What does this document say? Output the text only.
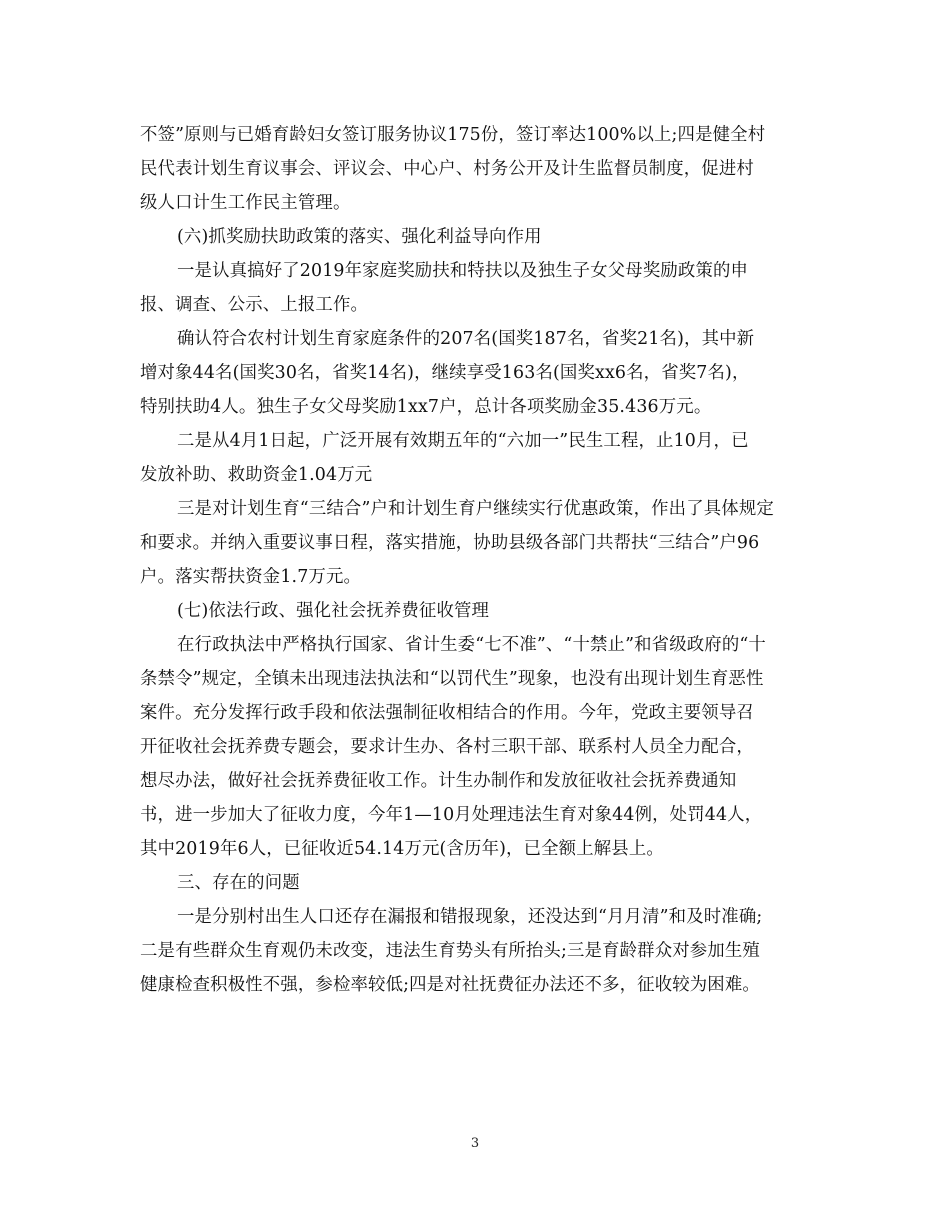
不签”原则与已婚育龄妇女签订服务协议175份，签订率达100%以上;四是健全村
民代表计划生育议事会、评议会、中心户、村务公开及计生监督员制度，促进村
级人口计生工作民主管理。
(六)抓奖励扶助政策的落实、强化利益导向作用
一是认真搞好了2019年家庭奖励扶和特扶以及独生子女父母奖励政策的申
报、调查、公示、上报工作。
确认符合农村计划生育家庭条件的207名(国奖187名，省奖21名)，其中新
增对象44名(国奖30名，省奖14名)，继续享受163名(国奖xx6名，省奖7名)，
特别扶助4人。独生子女父母奖励1xx7户，总计各项奖励金35.436万元。
二是从4月1日起，广泛开展有效期五年的“六加一”民生工程，止10月，已
发放补助、救助资金1.04万元
三是对计划生育“三结合”户和计划生育户继续实行优惠政策，作出了具体规定
和要求。并纳入重要议事日程，落实措施，协助县级各部门共帮扶“三结合”户96
户。落实帮扶资金1.7万元。
(七)依法行政、强化社会抚养费征收管理
在行政执法中严格执行国家、省计生委“七不准”、“十禁止”和省级政府的“十
条禁令”规定，全镇未出现违法执法和“以罚代生”现象，也没有出现计划生育恶性
案件。充分发挥行政手段和依法强制征收相结合的作用。今年，党政主要领导召
开征收社会抚养费专题会，要求计生办、各村三职干部、联系村人员全力配合，
想尽办法，做好社会抚养费征收工作。计生办制作和发放征收社会抚养费通知
书，进一步加大了征收力度，今年1—10月处理违法生育对象44例，处罚44人，
其中2019年6人，已征收近54.14万元(含历年)，已全额上解县上。
三、存在的问题
一是分别村出生人口还存在漏报和错报现象，还没达到“月月清”和及时准确;
二是有些群众生育观仍未改变，违法生育势头有所抬头;三是育龄群众对参加生殖
健康检查积极性不强，参检率较低;四是对社抚费征办法还不多，征收较为困难。
3
